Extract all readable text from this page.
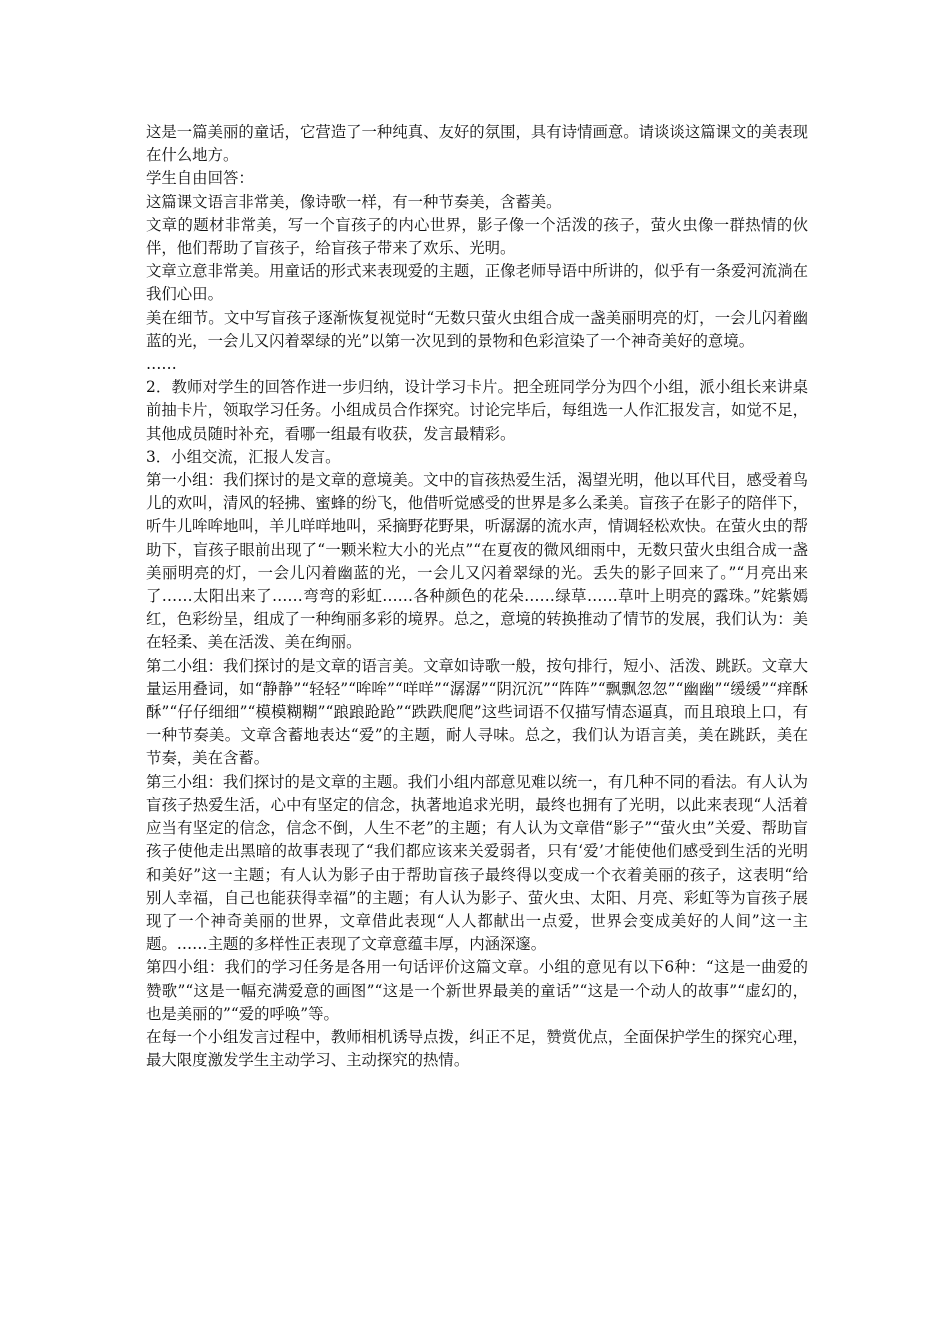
这是一篇美丽的童话，它营造了一种纯真、友好的氛围，具有诗情画意。请谈谈这篇课文的美表现在什么地方。

学生自由回答：

这篇课文语言非常美，像诗歌一样，有一种节奏美，含蓄美。

文章的题材非常美，写一个盲孩子的内心世界，影子像一个活泼的孩子，萤火虫像一群热情的伙伴，他们帮助了盲孩子，给盲孩子带来了欢乐、光明。

文章立意非常美。用童话的形式来表现爱的主题，正像老师导语中所讲的，似乎有一条爱河流淌在我们心田。

美在细节。文中写盲孩子逐渐恢复视觉时“无数只萤火虫组合成一盏美丽明亮的灯，一会儿闪着幽蓝的光，一会儿又闪着翠绿的光”以第一次见到的景物和色彩渲染了一个神奇美好的意境。

……

2．教师对学生的回答作进一步归纳，设计学习卡片。把全班同学分为四个小组，派小组长来讲桌前抽卡片，领取学习任务。小组成员合作探究。讨论完毕后，每组选一人作汇报发言，如觉不足，其他成员随时补充，看哪一组最有收获，发言最精彩。

3．小组交流，汇报人发言。

第一小组：我们探讨的是文章的意境美。文中的盲孩热爱生活，渴望光明，他以耳代目，感受着鸟儿的欢叫，清风的轻拂、蜜蜂的纷飞，他借听觉感受的世界是多么柔美。盲孩子在影子的陪伴下，听牛儿哞哞地叫，羊儿咩咩地叫，采摘野花野果，听潺潺的流水声，情调轻松欢快。在萤火虫的帮助下，盲孩子眼前出现了“一颗米粒大小的光点”“在夏夜的微风细雨中，无数只萤火虫组合成一盏美丽明亮的灯，一会儿闪着幽蓝的光，一会儿又闪着翠绿的光。丢失的影子回来了。”“月亮出来了……太阳出来了……弯弯的彩虹……各种颜色的花朵……绿草……草叶上明亮的露珠。”姹紫嫣红，色彩纷呈，组成了一种绚丽多彩的境界。总之，意境的转换推动了情节的发展，我们认为：美在轻柔、美在活泼、美在绚丽。

第二小组：我们探讨的是文章的语言美。文章如诗歌一般，按句排行，短小、活泼、跳跃。文章大量运用叠词，如“静静”“轻轻”“哞哞”“咩咩”“潺潺”“阴沉沉”“阵阵”“飘飘忽忽”“幽幽”“缓缓”“痒酥酥”“仔仔细细”“模模糊糊”“踉踉跄跄”“跌跌爬爬”这些词语不仅描写情态逼真，而且琅琅上口，有一种节奏美。文章含蓄地表达“爱”的主题，耐人寻味。总之，我们认为语言美，美在跳跃，美在节奏，美在含蓄。

第三小组：我们探讨的是文章的主题。我们小组内部意见难以统一，有几种不同的看法。有人认为盲孩子热爱生活，心中有坚定的信念，执著地追求光明，最终也拥有了光明，以此来表现“人活着应当有坚定的信念，信念不倒，人生不老”的主题；有人认为文章借“影子”“萤火虫”关爱、帮助盲孩子使他走出黑暗的故事表现了“我们都应该来关爱弱者，只有‘爱’才能使他们感受到生活的光明和美好”这一主题；有人认为影子由于帮助盲孩子最终得以变成一个衣着美丽的孩子，这表明“给别人幸福，自己也能获得幸福”的主题；有人认为影子、萤火虫、太阳、月亮、彩虹等为盲孩子展现了一个神奇美丽的世界，文章借此表现“人人都献出一点爱，世界会变成美好的人间”这一主题。……主题的多样性正表现了文章意蕴丰厚，内涵深邃。

第四小组：我们的学习任务是各用一句话评价这篇文章。小组的意见有以下6种：“这是一曲爱的赞歌”“这是一幅充满爱意的画图”“这是一个新世界最美的童话”“这是一个动人的故事”“虚幻的，也是美丽的”“爱的呼唤”等。

在每一个小组发言过程中，教师相机诱导点拨，纠正不足，赞赏优点，全面保护学生的探究心理，最大限度激发学生主动学习、主动探究的热情。
